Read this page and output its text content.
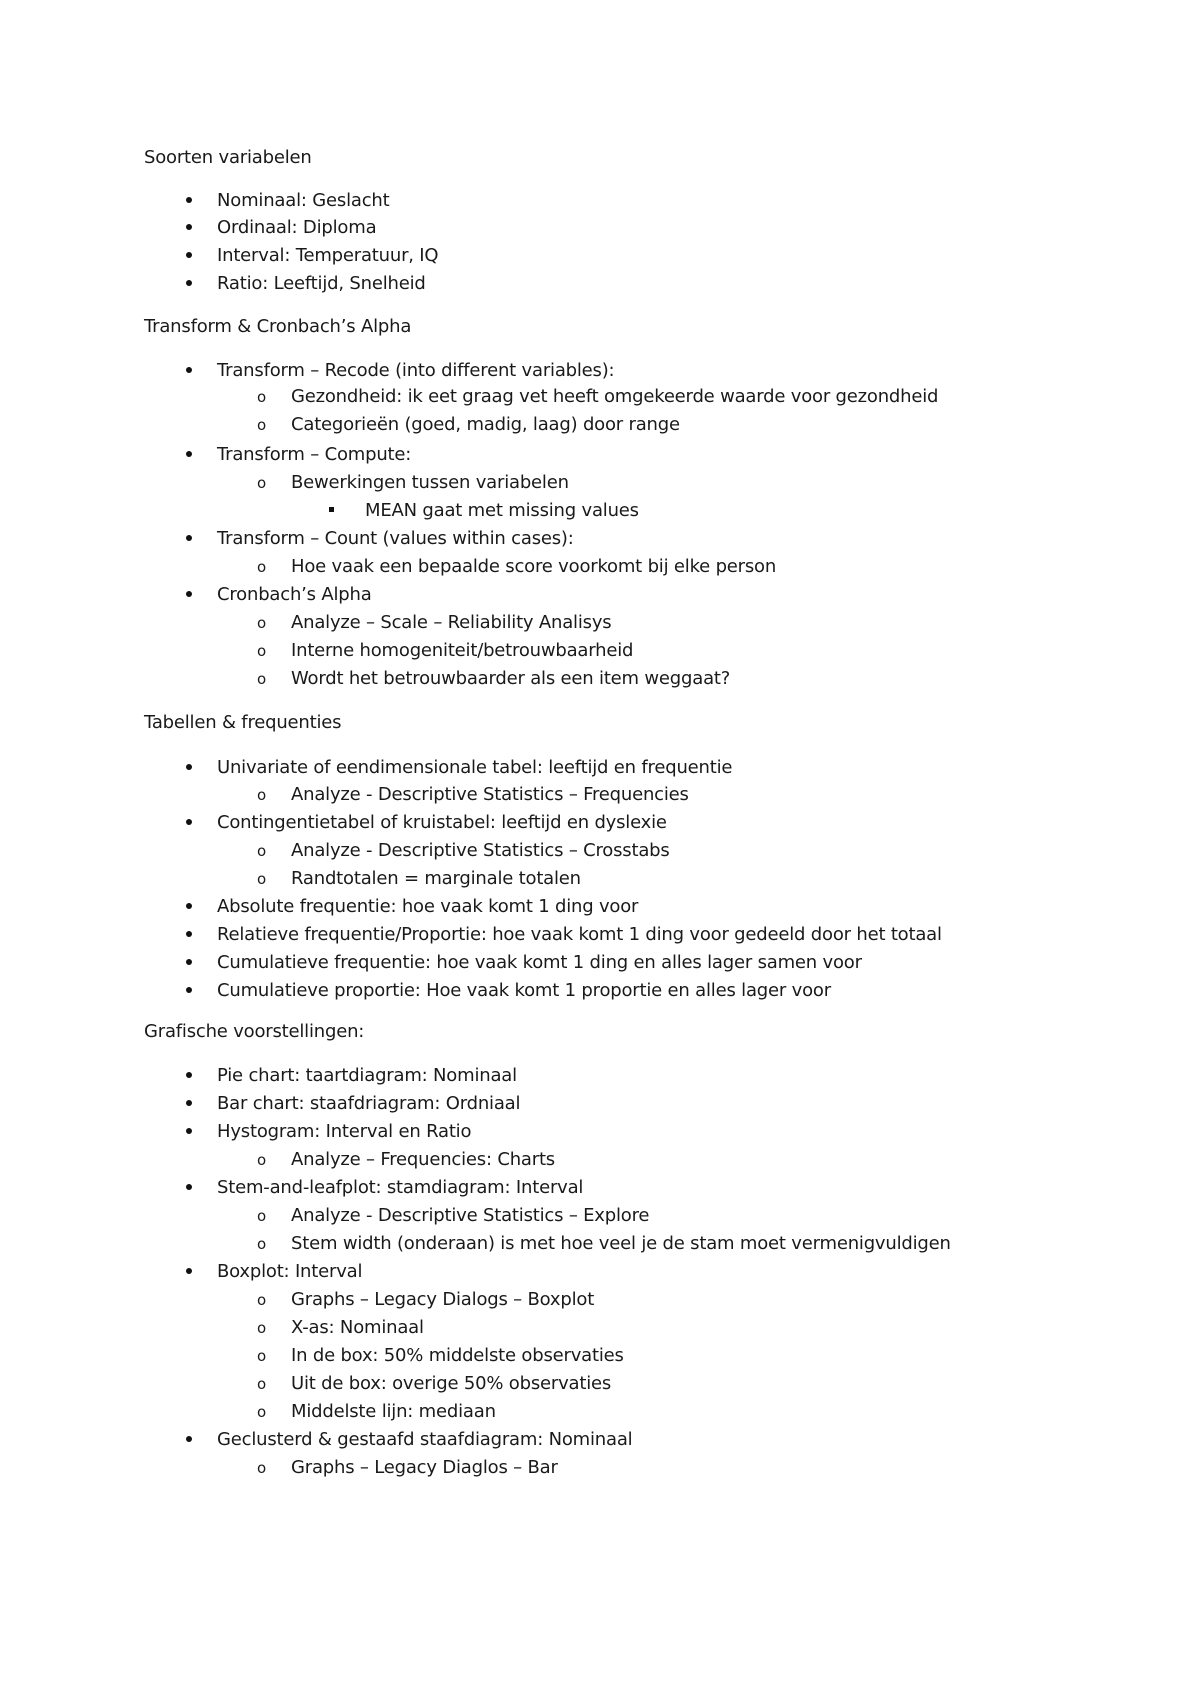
Soorten variabelen
Nominaal: Geslacht
Ordinaal: Diploma
Interval: Temperatuur, IQ
Ratio: Leeftijd, Snelheid
Transform & Cronbach’s Alpha
Transform – Recode (into different variables):
o Gezondheid: ik eet graag vet heeft omgekeerde waarde voor gezondheid
o Categorieën (goed, madig, laag) door range
Transform – Compute:
o Bewerkingen tussen variabelen
MEAN gaat met missing values
Transform – Count (values within cases):
o Hoe vaak een bepaalde score voorkomt bij elke person
Cronbach’s Alpha
o Analyze – Scale – Reliability Analisys
o Interne homogeniteit/betrouwbaarheid
o Wordt het betrouwbaarder als een item weggaat?
Tabellen & frequenties
Univariate of eendimensionale tabel: leeftijd en frequentie
o Analyze - Descriptive Statistics – Frequencies
Contingentietabel of kruistabel: leeftijd en dyslexie
o Analyze - Descriptive Statistics – Crosstabs
o Randtotalen = marginale totalen
Absolute frequentie: hoe vaak komt 1 ding voor
Relatieve frequentie/Proportie: hoe vaak komt 1 ding voor gedeeld door het totaal
Cumulatieve frequentie: hoe vaak komt 1 ding en alles lager samen voor
Cumulatieve proportie: Hoe vaak komt 1 proportie en alles lager voor
Grafische voorstellingen:
Pie chart: taartdiagram: Nominaal
Bar chart: staafdriagram: Ordniaal
Hystogram: Interval en Ratio
o Analyze – Frequencies: Charts
Stem-and-leafplot: stamdiagram: Interval
o Analyze - Descriptive Statistics – Explore
o Stem width (onderaan) is met hoe veel je de stam moet vermenigvuldigen
Boxplot: Interval
o Graphs – Legacy Dialogs – Boxplot
o X-as: Nominaal
o In de box: 50% middelste observaties
o Uit de box: overige 50% observaties
o Middelste lijn: mediaan
Geclusterd & gestaafd staafdiagram: Nominaal
o Graphs – Legacy Diaglos – Bar
